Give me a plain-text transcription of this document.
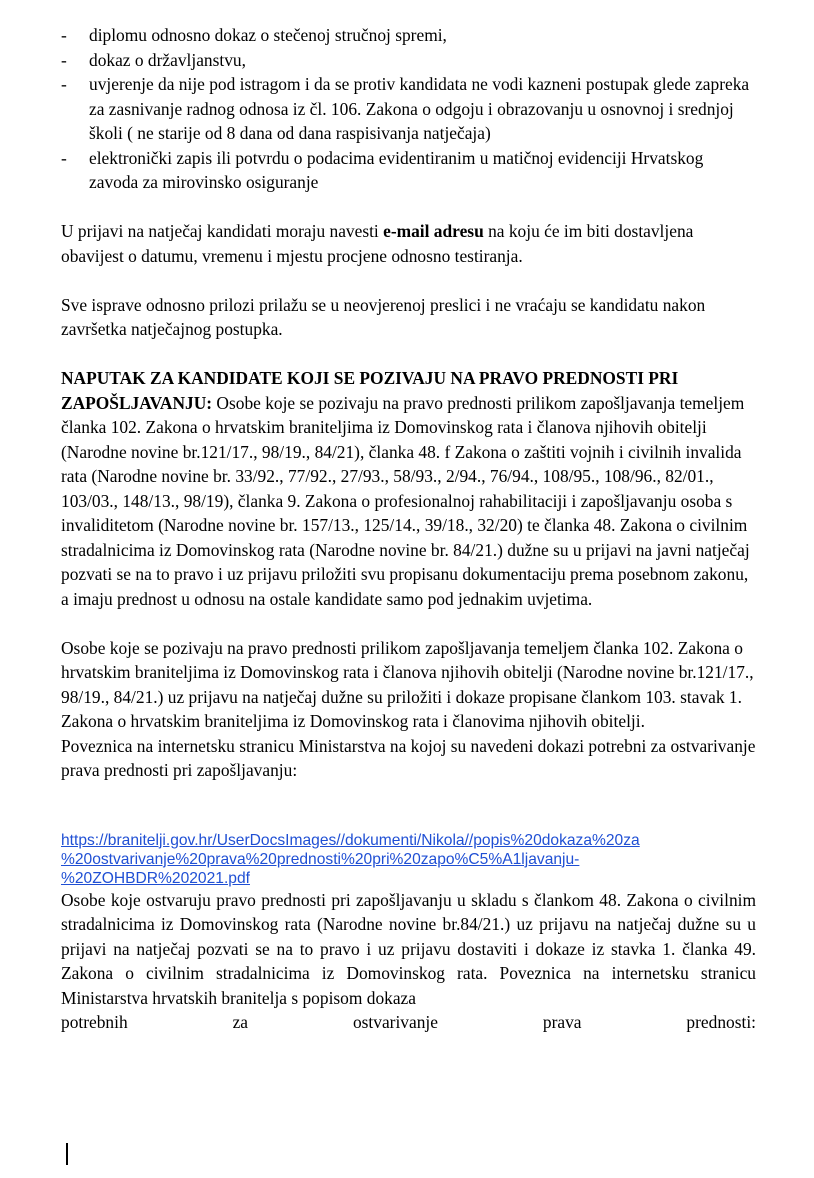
- diplomu odnosno dokaz o stečenoj stručnoj spremi,
- dokaz o državljanstvu,
- uvjerenje da nije pod istragom i da se protiv kandidata ne vodi kazneni postupak glede zapreka za zasnivanje radnog odnosa iz čl. 106. Zakona o odgoju i obrazovanju u osnovnoj i srednjoj školi ( ne starije od 8 dana od dana raspisivanja natječaja)
- elektronički zapis ili potvrdu o podacima evidentiranim u matičnoj evidenciji Hrvatskog zavoda za mirovinsko osiguranje

U prijavi na natječaj kandidati moraju navesti e-mail adresu na koju će im biti dostavljena obavijest o datumu, vremenu i mjestu procjene odnosno testiranja.

Sve isprave odnosno prilozi prilažu se u neovjerenoj preslici i ne vraćaju se kandidatu nakon završetka natječajnog postupka.

NAPUTAK ZA KANDIDATE KOJI SE POZIVAJU NA PRAVO PREDNOSTI PRI ZAPOŠLJAVANJU: Osobe koje se pozivaju na pravo prednosti prilikom zapošljavanja temeljem članka 102. Zakona o hrvatskim braniteljima iz Domovinskog rata i članova njihovih obitelji (Narodne novine br.121/17., 98/19., 84/21), članka 48. f Zakona o zaštiti vojnih i civilnih invalida rata (Narodne novine br. 33/92., 77/92., 27/93., 58/93., 2/94., 76/94., 108/95., 108/96., 82/01., 103/03., 148/13., 98/19), članka 9. Zakona o profesionalnoj rahabilitaciji i zapošljavanju osoba s invaliditetom (Narodne novine br. 157/13., 125/14., 39/18., 32/20) te članka 48. Zakona o civilnim stradalnicima iz Domovinskog rata (Narodne novine br. 84/21.) dužne su u prijavi na javni natječaj pozvati se na to pravo i uz prijavu priložiti svu propisanu dokumentaciju prema posebnom zakonu, a imaju prednost u odnosu na ostale kandidate samo pod jednakim uvjetima.

Osobe koje se pozivaju na pravo prednosti prilikom zapošljavanja temeljem članka 102. Zakona o hrvatskim braniteljima iz Domovinskog rata i članova njihovih obitelji (Narodne novine br.121/17., 98/19., 84/21.) uz prijavu na natječaj dužne su priložiti i dokaze propisane člankom 103. stavak 1. Zakona o hrvatskim braniteljima iz Domovinskog rata i članovima njihovih obitelji.

Poveznica na internetsku stranicu Ministarstva na kojoj su navedeni dokazi potrebni za ostvarivanje prava prednosti pri zapošljavanju:

https://branitelji.gov.hr/UserDocsImages//dokumenti/Nikola//popis%20dokaza%20za
%20ostvarivanje%20prava%20prednosti%20pri%20zapo%C5%A1ljavanju-
%20ZOHBDR%202021.pdf

Osobe koje ostvaruju pravo prednosti pri zapošljavanju u skladu s člankom 48. Zakona o civilnim stradalnicima iz Domovinskog rata (Narodne novine br.84/21.) uz prijavu na natječaj dužne su u prijavi na natječaj pozvati se na to pravo i uz prijavu dostaviti i dokaze iz stavka 1. članka 49. Zakona o civilnim stradalnicima iz Domovinskog rata. Poveznica na internetsku stranicu Ministarstva hrvatskih branitelja s popisom dokaza

potrebnih za ostvarivanje prava prednosti:
